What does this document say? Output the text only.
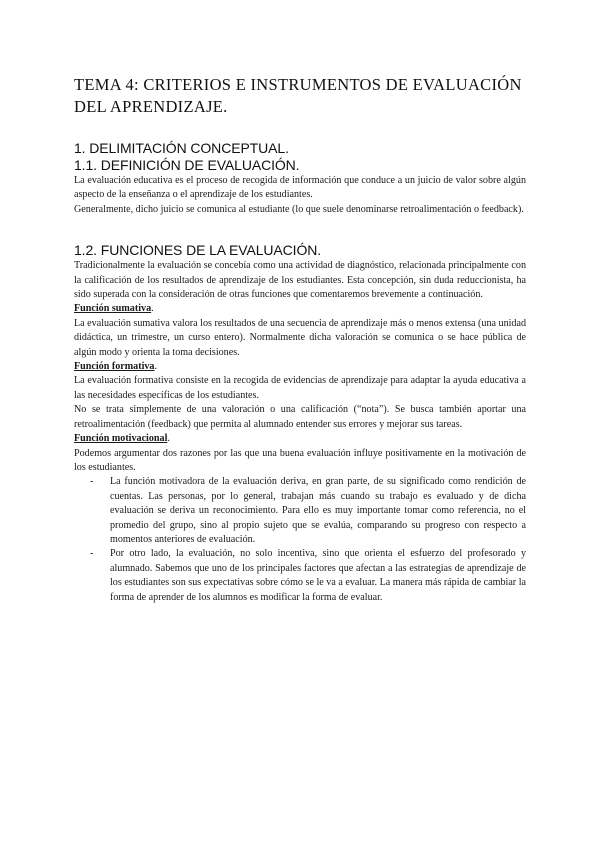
TEMA 4: CRITERIOS E INSTRUMENTOS DE EVALUACIÓN DEL APRENDIZAJE.
1. DELIMITACIÓN CONCEPTUAL.
1.1. DEFINICIÓN DE EVALUACIÓN.

La evaluación educativa es el proceso de recogida de información que conduce a un juicio de valor sobre algún aspecto de la enseñanza o el aprendizaje de los estudiantes.

Generalmente, dicho juicio se comunica al estudiante (lo que suele denominarse retroalimentación o feedback).

1.2. FUNCIONES DE LA EVALUACIÓN.

Tradicionalmente la evaluación se concebía como una actividad de diagnóstico, relacionada principalmente con la calificación de los resultados de aprendizaje de los estudiantes. Esta concepción, sin duda reduccionista, ha sido superada con la consideración de otras funciones que comentaremos brevemente a continuación.

Función sumativa.

La evaluación sumativa valora los resultados de una secuencia de aprendizaje más o menos extensa (una unidad didáctica, un trimestre, un curso entero). Normalmente dicha valoración se comunica o se hace pública de algún modo y orienta la toma decisiones.

Función formativa.

La evaluación formativa consiste en la recogida de evidencias de aprendizaje para adaptar la ayuda educativa a las necesidades específicas de los estudiantes.

No se trata simplemente de una valoración o una calificación (“nota”). Se busca también aportar una retroalimentación (feedback) que permita al alumnado entender sus errores y mejorar sus tareas.

Función motivacional.

Podemos argumentar dos razones por las que una buena evaluación influye positivamente en la motivación de los estudiantes.

- La función motivadora de la evaluación deriva, en gran parte, de su significado como rendición de cuentas. Las personas, por lo general, trabajan más cuando su trabajo es evaluado y de dicha evaluación se deriva un reconocimiento. Para ello es muy importante tomar como referencia, no el promedio del grupo, sino al propio sujeto que se evalúa, comparando su progreso con respecto a momentos anteriores de evaluación.
- Por otro lado, la evaluación, no solo incentiva, sino que orienta el esfuerzo del profesorado y alumnado. Sabemos que uno de los principales factores que afectan a las estrategias de aprendizaje de los estudiantes son sus expectativas sobre cómo se le va a evaluar. La manera más rápida de cambiar la forma de aprender de los alumnos es modificar la forma de evaluar.
